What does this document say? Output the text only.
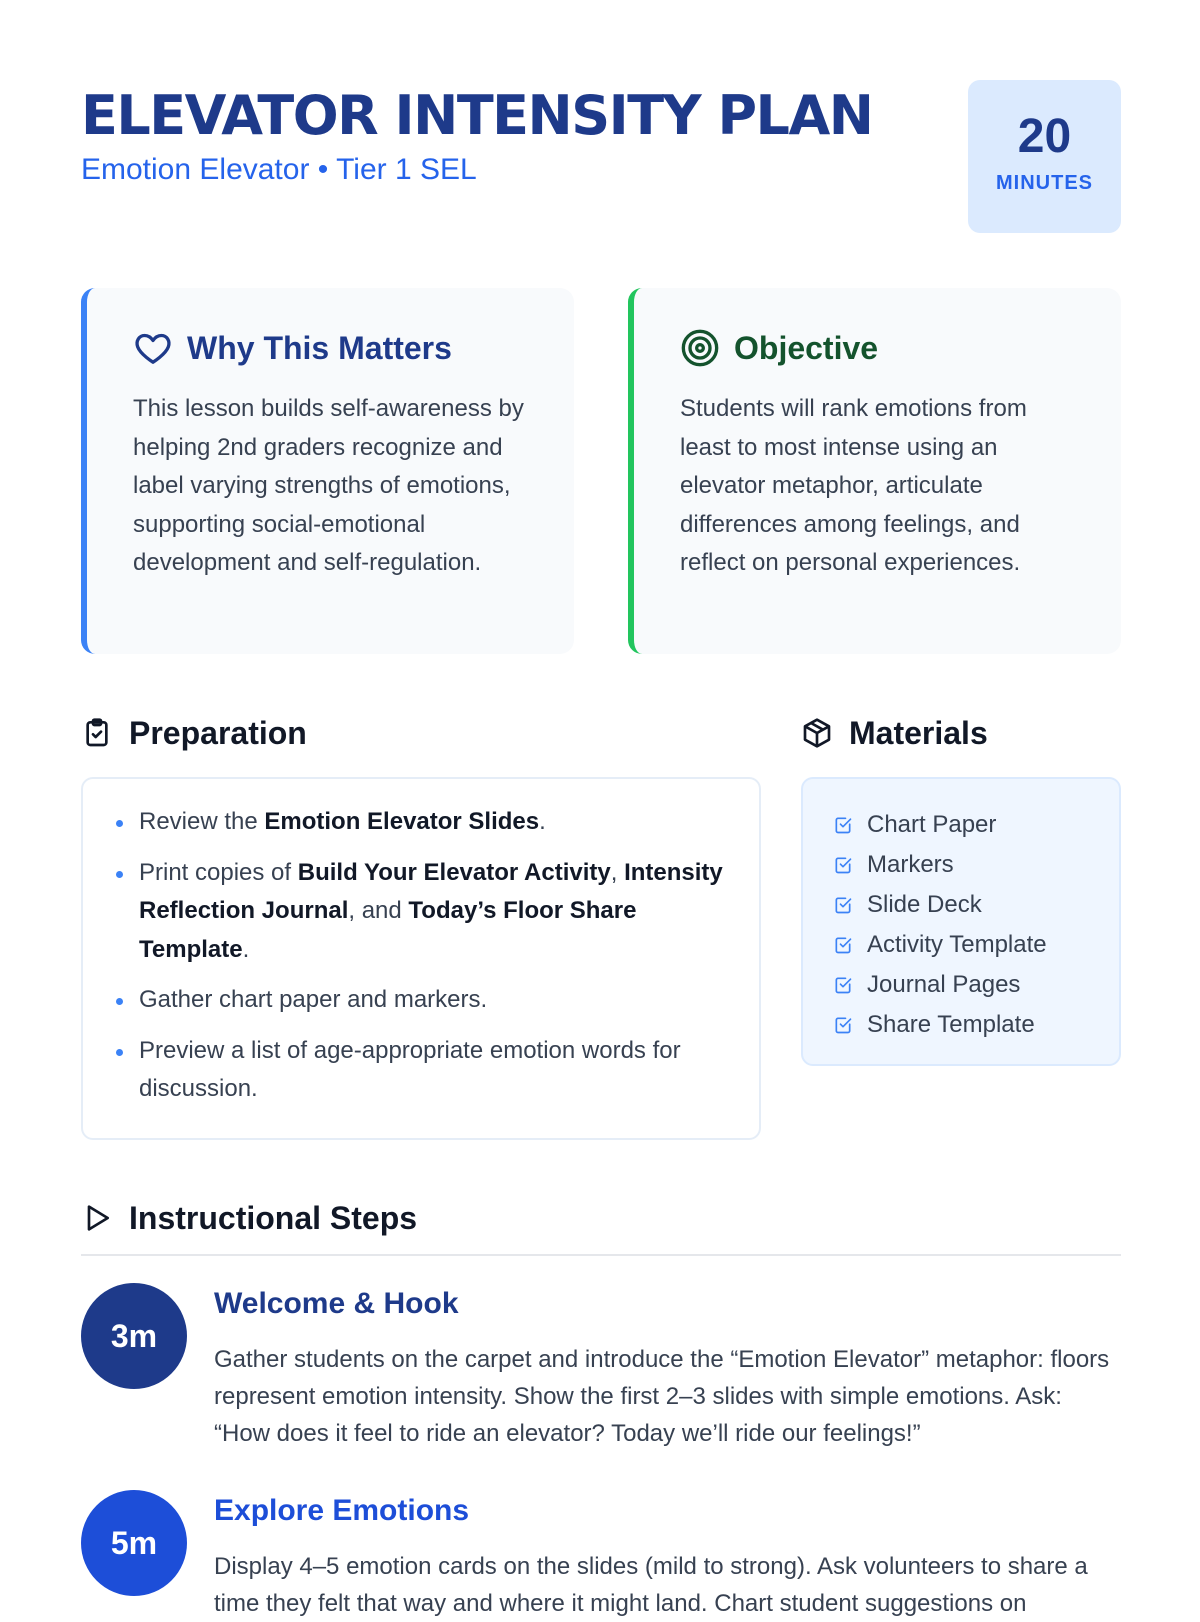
ELEVATOR INTENSITY PLAN
Emotion Elevator • Tier 1 SEL
20
MINUTES
Why This Matters

This lesson builds self-awareness by helping 2nd graders recognize and label varying strengths of emotions, supporting social-emotional development and self-regulation.

Objective

Students will rank emotions from least to most intense using an elevator metaphor, articulate differences among feelings, and reflect on personal experiences.

Preparation
Review the Emotion Elevator Slides.
Print copies of Build Your Elevator Activity, Intensity Reflection Journal, and Today’s Floor Share Template.
Gather chart paper and markers.
Preview a list of age-appropriate emotion words for discussion.
Materials
Chart Paper
Markers
Slide Deck
Activity Template
Journal Pages
Share Template
Instructional Steps
3m
Welcome & Hook

Gather students on the carpet and introduce the “Emotion Elevator” metaphor: floors represent emotion intensity. Show the first 2–3 slides with simple emotions. Ask: “How does it feel to ride an elevator? Today we’ll ride our feelings!”

5m
Explore Emotions

Display 4–5 emotion cards on the slides (mild to strong). Ask volunteers to share a time they felt that way and where it might land. Chart student suggestions on
